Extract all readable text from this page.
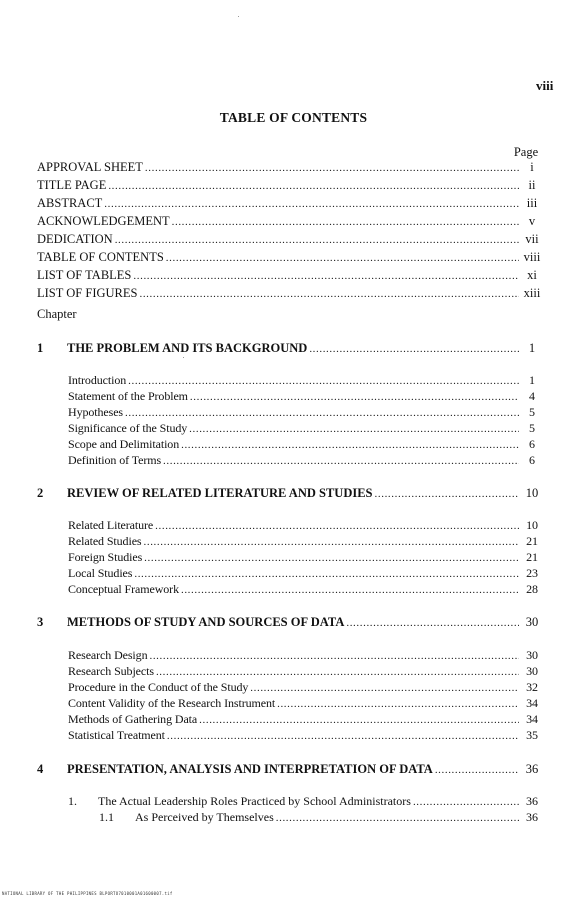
viii
TABLE OF CONTENTS
Page
APPROVAL SHEET .....	i
TITLE PAGE .....	ii
ABSTRACT .....	iii
ACKNOWLEDGEMENT .....	v
DEDICATION .....	vii
TABLE OF CONTENTS .....	viii
LIST OF TABLES .....	xi
LIST OF FIGURES .....	xiii
Chapter
1 THE PROBLEM AND ITS BACKGROUND .....	1
Introduction .....	1
Statement of the Problem .....	4
Hypotheses .....	5
Significance of the Study .....	5
Scope and Delimitation .....	6
Definition of Terms .....	6
2 REVIEW OF RELATED LITERATURE AND STUDIES .....	10
Related Literature .....	10
Related Studies .....	21
Foreign Studies .....	21
Local Studies .....	23
Conceptual Framework .....	28
3 METHODS OF STUDY AND SOURCES OF DATA .....	30
Research Design .....	30
Research Subjects .....	30
Procedure in the Conduct of the Study .....	32
Content Validity of the Research Instrument .....	34
Methods of Gathering Data .....	34
Statistical Treatment .....	35
4 PRESENTATION, ANALYSIS AND INTERPRETATION OF DATA .....	36
1. The Actual Leadership Roles Practiced by School Administrators .....	36
1.1 As Perceived by Themselves .....	36
NATIONAL LIBRARY OF THE PHILIPPINES BLPORTO7010001A01600007.tif
